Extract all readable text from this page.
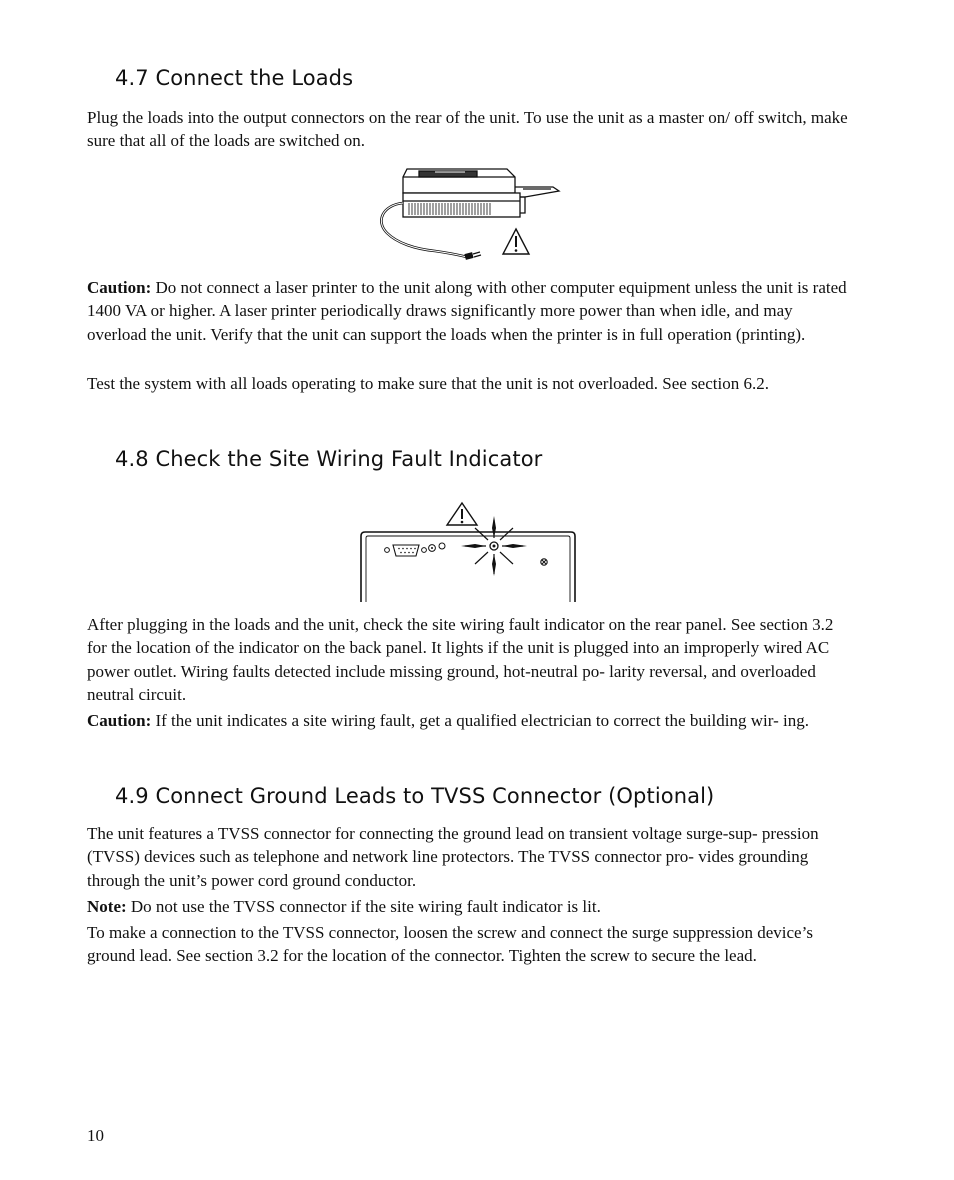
4.7 Connect the Loads

Plug the loads into the output connectors on the rear of the unit. To use the unit as a master on/ off switch, make sure that all of the loads are switched on.

Caution: Do not connect a laser printer to the unit along with other computer equipment unless the unit is rated 1400 VA or higher. A laser printer periodically draws significantly more power than when idle, and may overload the unit. Verify that the unit can support the loads when the printer is in full operation (printing).

Test the system with all loads operating to make sure that the unit is not overloaded. See section 6.2.

4.8 Check the Site Wiring Fault Indicator

After plugging in the loads and the unit, check the site wiring fault indicator on the rear panel. See section 3.2 for the location of the indicator on the back panel. It lights if the unit is plugged into an improperly wired AC power outlet. Wiring faults detected include missing ground, hot-neutral po- larity reversal, and overloaded neutral circuit.

Caution: If the unit indicates a site wiring fault, get a qualified electrician to correct the building wir- ing.

4.9 Connect Ground Leads to TVSS Connector (Optional)

The unit features a TVSS connector for connecting the ground lead on transient voltage surge-sup- pression (TVSS) devices such as telephone and network line protectors. The TVSS connector pro- vides grounding through the unit’s power cord ground conductor.

Note: Do not use the TVSS connector if the site wiring fault indicator is lit.

To make a connection to the TVSS connector, loosen the screw and connect the surge suppression device’s ground lead. See section 3.2 for the location of the connector. Tighten the screw to secure the lead.

10
